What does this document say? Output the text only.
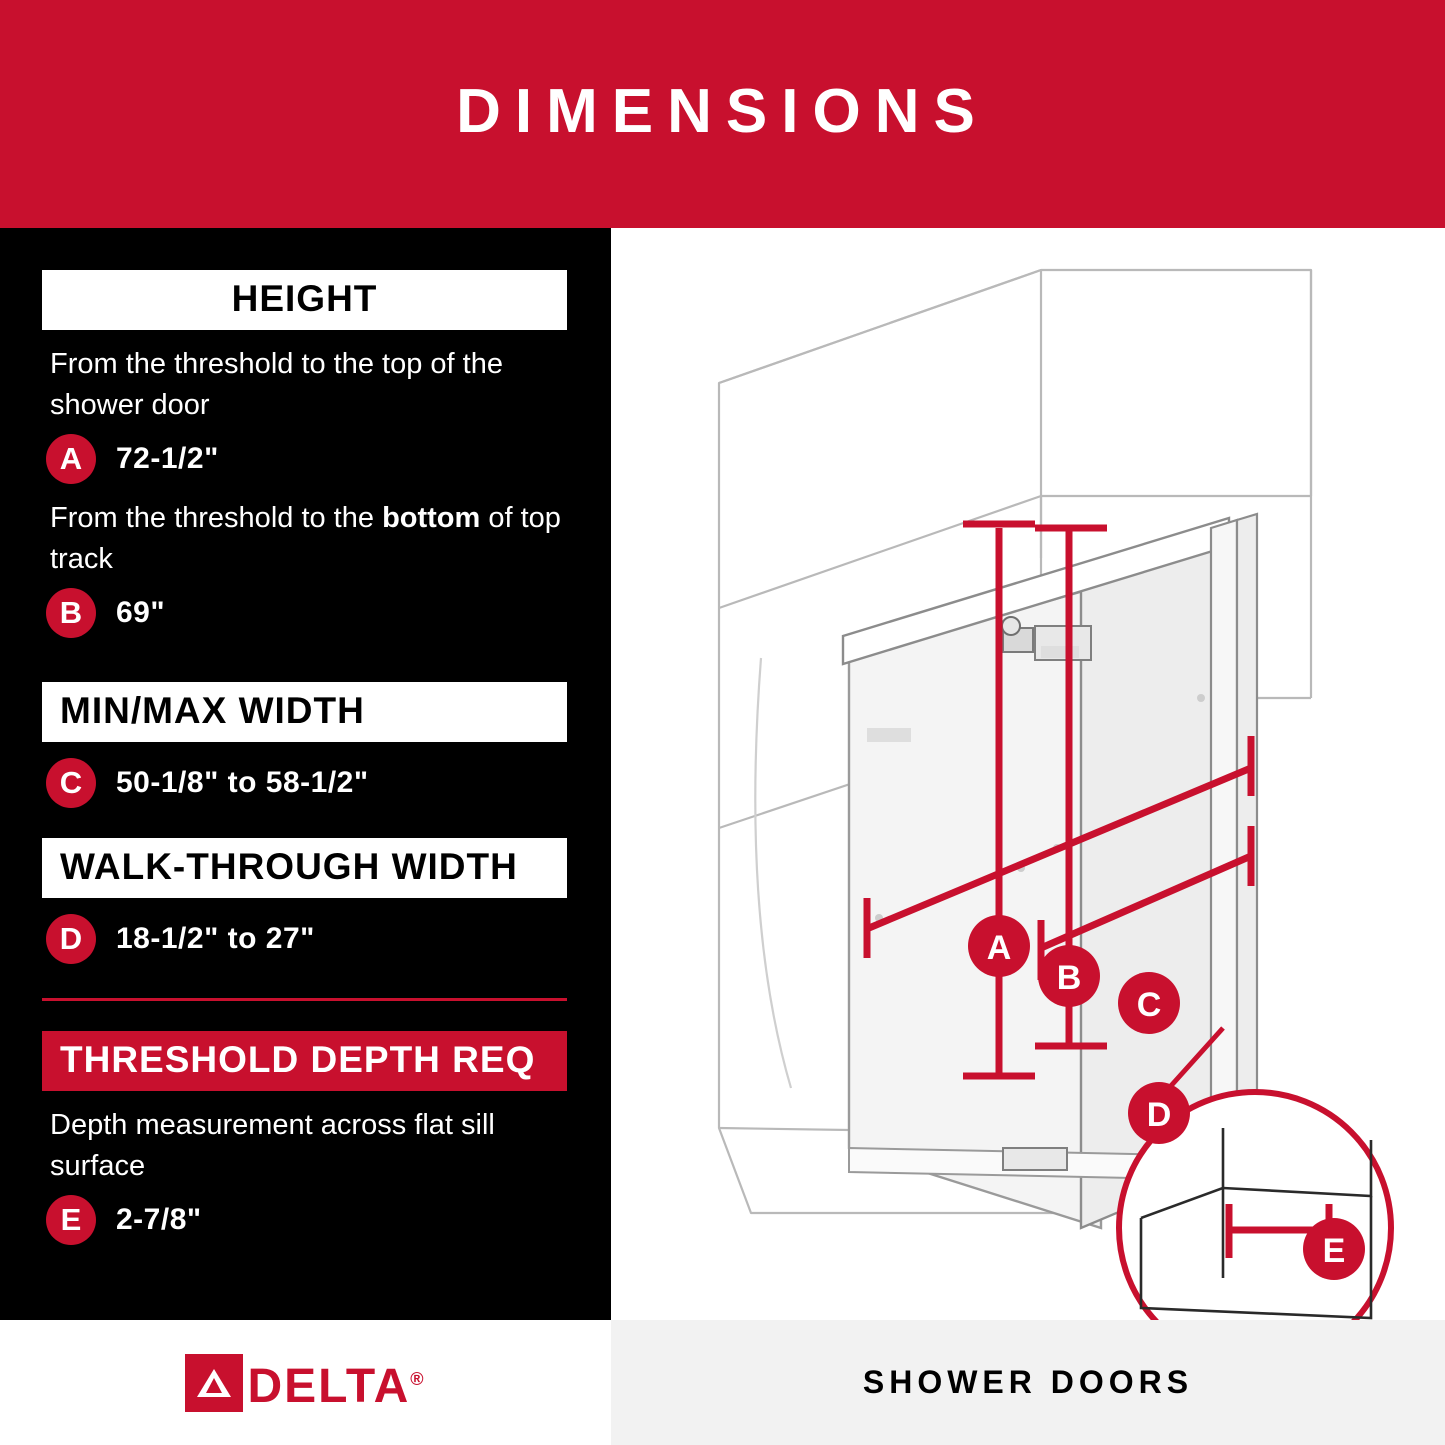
DIMENSIONS
HEIGHT
From the threshold to the top of the shower door
A	72-1/2"
From the threshold to the bottom of top track
B	69"
MIN/MAX WIDTH
C	50-1/8" to 58-1/2"
WALK-THROUGH WIDTH
D	18-1/2" to 27"
THRESHOLD DEPTH REQ
Depth measurement across flat sill surface
E	2-7/8"
A
B
C
D
E
DELTA®	SHOWER DOORS
